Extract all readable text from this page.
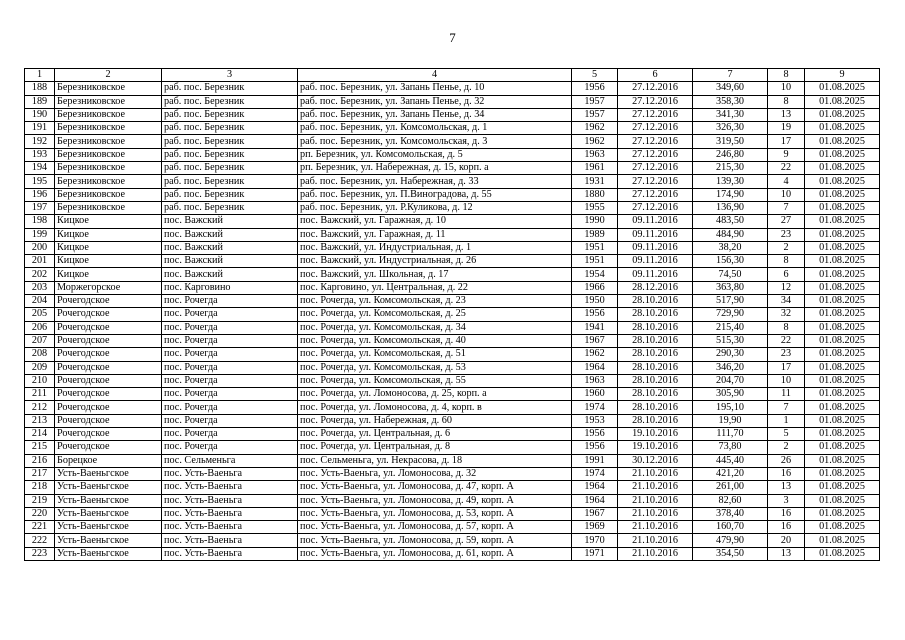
7
1	2	3	4	5	6	7	8	9
188	Березниковское	раб. пос. Березник	раб. пос. Березник, ул. Запань Пенье, д. 10	1956	27.12.2016	349,60	10	01.08.2025
189	Березниковское	раб. пос. Березник	раб. пос. Березник, ул. Запань Пенье, д. 32	1957	27.12.2016	358,30	8	01.08.2025
190	Березниковское	раб. пос. Березник	раб. пос. Березник, ул. Запань Пенье, д. 34	1957	27.12.2016	341,30	13	01.08.2025
191	Березниковское	раб. пос. Березник	раб. пос. Березник, ул. Комсомольская, д. 1	1962	27.12.2016	326,30	19	01.08.2025
192	Березниковское	раб. пос. Березник	раб. пос. Березник, ул. Комсомольская, д. 3	1962	27.12.2016	319,50	17	01.08.2025
193	Березниковское	раб. пос. Березник	рп. Березник, ул. Комсомольская, д. 5	1963	27.12.2016	246,80	9	01.08.2025
194	Березниковское	раб. пос. Березник	рп. Березник, ул. Набережная, д. 15, корп. а	1961	27.12.2016	215,30	22	01.08.2025
195	Березниковское	раб. пос. Березник	раб. пос. Березник, ул. Набережная, д. 33	1931	27.12.2016	139,30	4	01.08.2025
196	Березниковское	раб. пос. Березник	раб. пос. Березник, ул. П.Виноградова, д. 55	1880	27.12.2016	174,90	10	01.08.2025
197	Березниковское	раб. пос. Березник	раб. пос. Березник, ул. Р.Куликова, д. 12	1955	27.12.2016	136,90	7	01.08.2025
198	Кицкое	пос. Важский	пос. Важский, ул. Гаражная, д. 10	1990	09.11.2016	483,50	27	01.08.2025
199	Кицкое	пос. Важский	пос. Важский, ул. Гаражная, д. 11	1989	09.11.2016	484,90	23	01.08.2025
200	Кицкое	пос. Важский	пос. Важский, ул. Индустриальная, д. 1	1951	09.11.2016	38,20	2	01.08.2025
201	Кицкое	пос. Важский	пос. Важский, ул. Индустриальная, д. 26	1951	09.11.2016	156,30	8	01.08.2025
202	Кицкое	пос. Важский	пос. Важский, ул. Школьная, д. 17	1954	09.11.2016	74,50	6	01.08.2025
203	Моржегорское	пос. Карговино	пос. Карговино, ул. Центральная, д. 22	1966	28.12.2016	363,80	12	01.08.2025
204	Рочегодское	пос. Рочегда	пос. Рочегда, ул. Комсомольская, д. 23	1950	28.10.2016	517,90	34	01.08.2025
205	Рочегодское	пос. Рочегда	пос. Рочегда, ул. Комсомольская, д. 25	1956	28.10.2016	729,90	32	01.08.2025
206	Рочегодское	пос. Рочегда	пос. Рочегда, ул. Комсомольская, д. 34	1941	28.10.2016	215,40	8	01.08.2025
207	Рочегодское	пос. Рочегда	пос. Рочегда, ул. Комсомольская, д. 40	1967	28.10.2016	515,30	22	01.08.2025
208	Рочегодское	пос. Рочегда	пос. Рочегда, ул. Комсомольская, д. 51	1962	28.10.2016	290,30	23	01.08.2025
209	Рочегодское	пос. Рочегда	пос. Рочегда, ул. Комсомольская, д. 53	1964	28.10.2016	346,20	17	01.08.2025
210	Рочегодское	пос. Рочегда	пос. Рочегда, ул. Комсомольская, д. 55	1963	28.10.2016	204,70	10	01.08.2025
211	Рочегодское	пос. Рочегда	пос. Рочегда, ул. Ломоносова, д. 25, корп. а	1960	28.10.2016	305,90	11	01.08.2025
212	Рочегодское	пос. Рочегда	пос. Рочегда, ул. Ломоносова, д. 4, корп. в	1974	28.10.2016	195,10	7	01.08.2025
213	Рочегодское	пос. Рочегда	пос. Рочегда, ул. Набережная, д. 60	1953	28.10.2016	19,90	1	01.08.2025
214	Рочегодское	пос. Рочегда	пос. Рочегда, ул. Центральная, д. 6	1956	19.10.2016	111,70	5	01.08.2025
215	Рочегодское	пос. Рочегда	пос. Рочегда, ул. Центральная, д. 8	1956	19.10.2016	73,80	2	01.08.2025
216	Борецкое	пос. Сельменьга	пос. Сельменьга, ул. Некрасова, д. 18	1991	30.12.2016	445,40	26	01.08.2025
217	Усть-Ваеньгское	пос. Усть-Ваеньга	пос. Усть-Ваеньга, ул. Ломоносова, д. 32	1974	21.10.2016	421,20	16	01.08.2025
218	Усть-Ваеньгское	пос. Усть-Ваеньга	пос. Усть-Ваеньга, ул. Ломоносова, д. 47, корп. А	1964	21.10.2016	261,00	13	01.08.2025
219	Усть-Ваеньгское	пос. Усть-Ваеньга	пос. Усть-Ваеньга, ул. Ломоносова, д. 49, корп. А	1964	21.10.2016	82,60	3	01.08.2025
220	Усть-Ваеньгское	пос. Усть-Ваеньга	пос. Усть-Ваеньга, ул. Ломоносова, д. 53, корп. А	1967	21.10.2016	378,40	16	01.08.2025
221	Усть-Ваеньгское	пос. Усть-Ваеньга	пос. Усть-Ваеньга, ул. Ломоносова, д. 57, корп. А	1969	21.10.2016	160,70	16	01.08.2025
222	Усть-Ваеньгское	пос. Усть-Ваеньга	пос. Усть-Ваеньга, ул. Ломоносова, д. 59, корп. А	1970	21.10.2016	479,90	20	01.08.2025
223	Усть-Ваеньгское	пос. Усть-Ваеньга	пос. Усть-Ваеньга, ул. Ломоносова, д. 61, корп. А	1971	21.10.2016	354,50	13	01.08.2025
